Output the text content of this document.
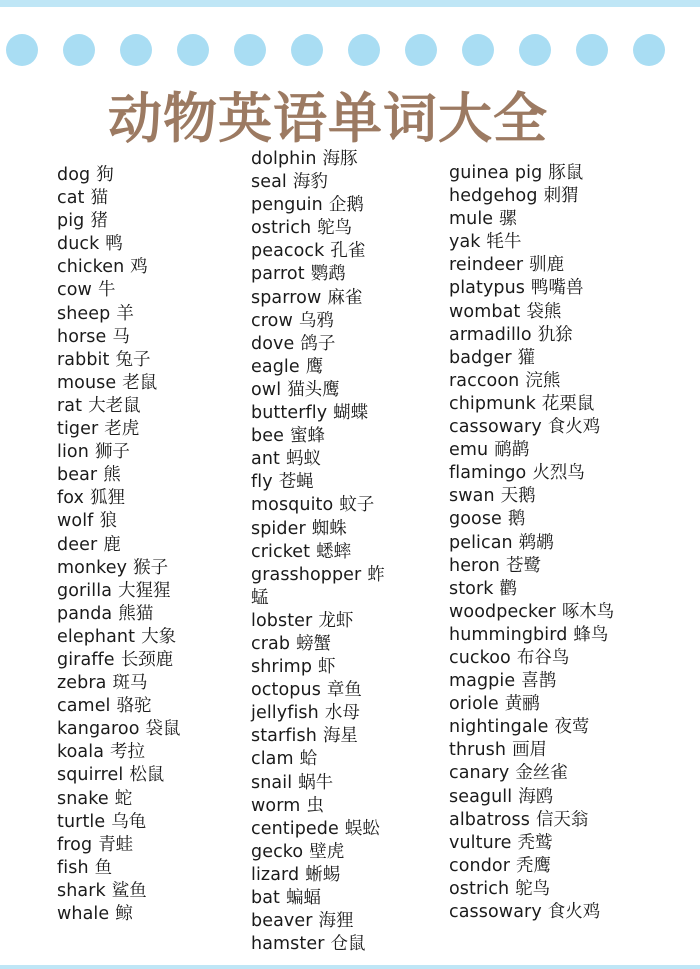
动物英语单词大全
dog 狗
cat 猫
pig 猪
duck 鸭
chicken 鸡
cow 牛
sheep 羊
horse 马
rabbit 兔子
mouse 老鼠
rat 大老鼠
tiger 老虎
lion 狮子
bear 熊
fox 狐狸
wolf 狼
deer 鹿
monkey 猴子
gorilla 大猩猩
panda 熊猫
elephant 大象
giraffe 长颈鹿
zebra 斑马
camel 骆驼
kangaroo 袋鼠
koala 考拉
squirrel 松鼠
snake 蛇
turtle 乌龟
frog 青蛙
fish 鱼
shark 鲨鱼
whale 鲸
dolphin 海豚
seal 海豹
penguin 企鹅
ostrich 鸵鸟
peacock 孔雀
parrot 鹦鹉
sparrow 麻雀
crow 乌鸦
dove 鸽子
eagle 鹰
owl 猫头鹰
butterfly 蝴蝶
bee 蜜蜂
ant 蚂蚁
fly 苍蝇
mosquito 蚊子
spider 蜘蛛
cricket 蟋蟀
grasshopper 蚱蜢
lobster 龙虾
crab 螃蟹
shrimp 虾
octopus 章鱼
jellyfish 水母
starfish 海星
clam 蛤
snail 蜗牛
worm 虫
centipede 蜈蚣
gecko 壁虎
lizard 蜥蜴
bat 蝙蝠
beaver 海狸
hamster 仓鼠
guinea pig 豚鼠
hedgehog 刺猬
mule 骡
yak 牦牛
reindeer 驯鹿
platypus 鸭嘴兽
wombat 袋熊
armadillo 犰狳
badger 獾
raccoon 浣熊
chipmunk 花栗鼠
cassowary 食火鸡
emu 鸸鹋
flamingo 火烈鸟
swan 天鹅
goose 鹅
pelican 鹈鹕
heron 苍鹭
stork 鹳
woodpecker 啄木鸟
hummingbird 蜂鸟
cuckoo 布谷鸟
magpie 喜鹊
oriole 黄鹂
nightingale 夜莺
thrush 画眉
canary 金丝雀
seagull 海鸥
albatross 信天翁
vulture 秃鹫
condor 秃鹰
ostrich 鸵鸟
cassowary 食火鸡
